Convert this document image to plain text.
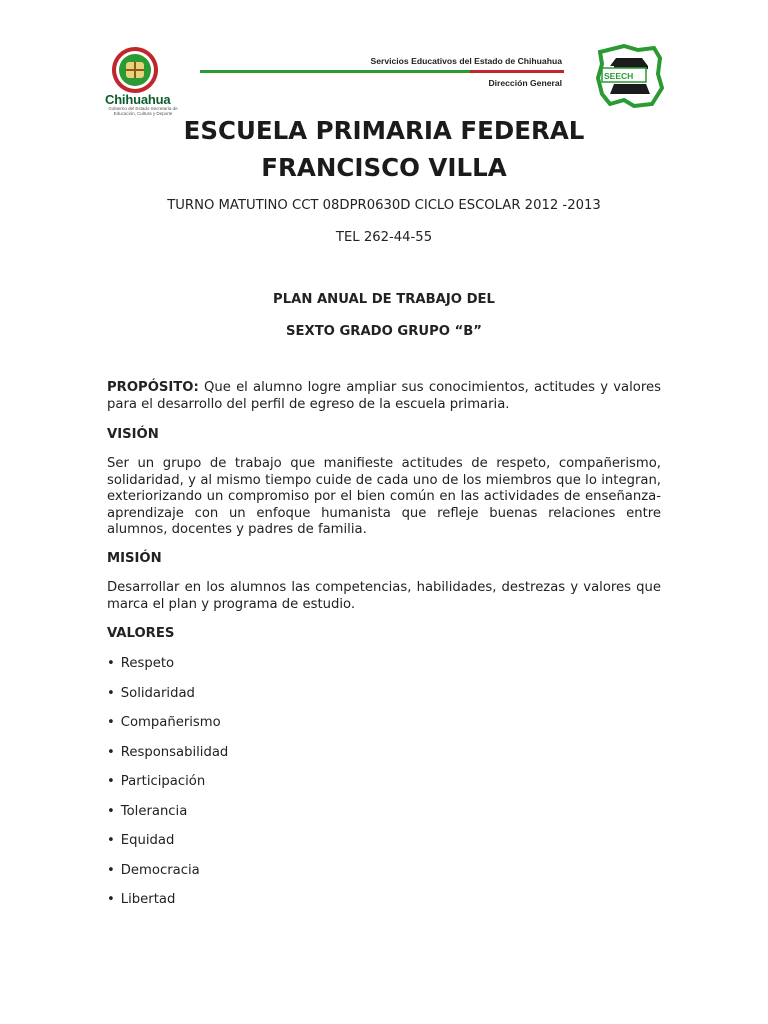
Chihuahua
Gobierno del Estado Secretaría de Educación, Cultura y Deporte
Servicios Educativos del Estado de Chihuahua
Dirección General
SEECH
ESCUELA PRIMARIA FEDERAL
FRANCISCO VILLA
TURNO MATUTINO CCT 08DPR0630D CICLO ESCOLAR 2012 -2013
TEL 262-44-55
PLAN ANUAL DE TRABAJO DEL
SEXTO GRADO GRUPO “B”
PROPÓSITO: Que el alumno logre ampliar sus conocimientos, actitudes y valores para el desarrollo del perfil de egreso de la escuela primaria.
VISIÓN
Ser un grupo de trabajo que manifieste actitudes de respeto, compañerismo, solidaridad, y al mismo tiempo cuide de cada uno de los miembros que lo integran, exteriorizando un compromiso por el bien común en las actividades de enseñanza-aprendizaje con un enfoque humanista que refleje buenas relaciones entre alumnos, docentes y padres de familia.
MISIÓN
Desarrollar en los alumnos las competencias, habilidades, destrezas y valores que marca el plan y programa de estudio.
VALORES
• Respeto
• Solidaridad
• Compañerismo
• Responsabilidad
• Participación
• Tolerancia
• Equidad
• Democracia
• Libertad
